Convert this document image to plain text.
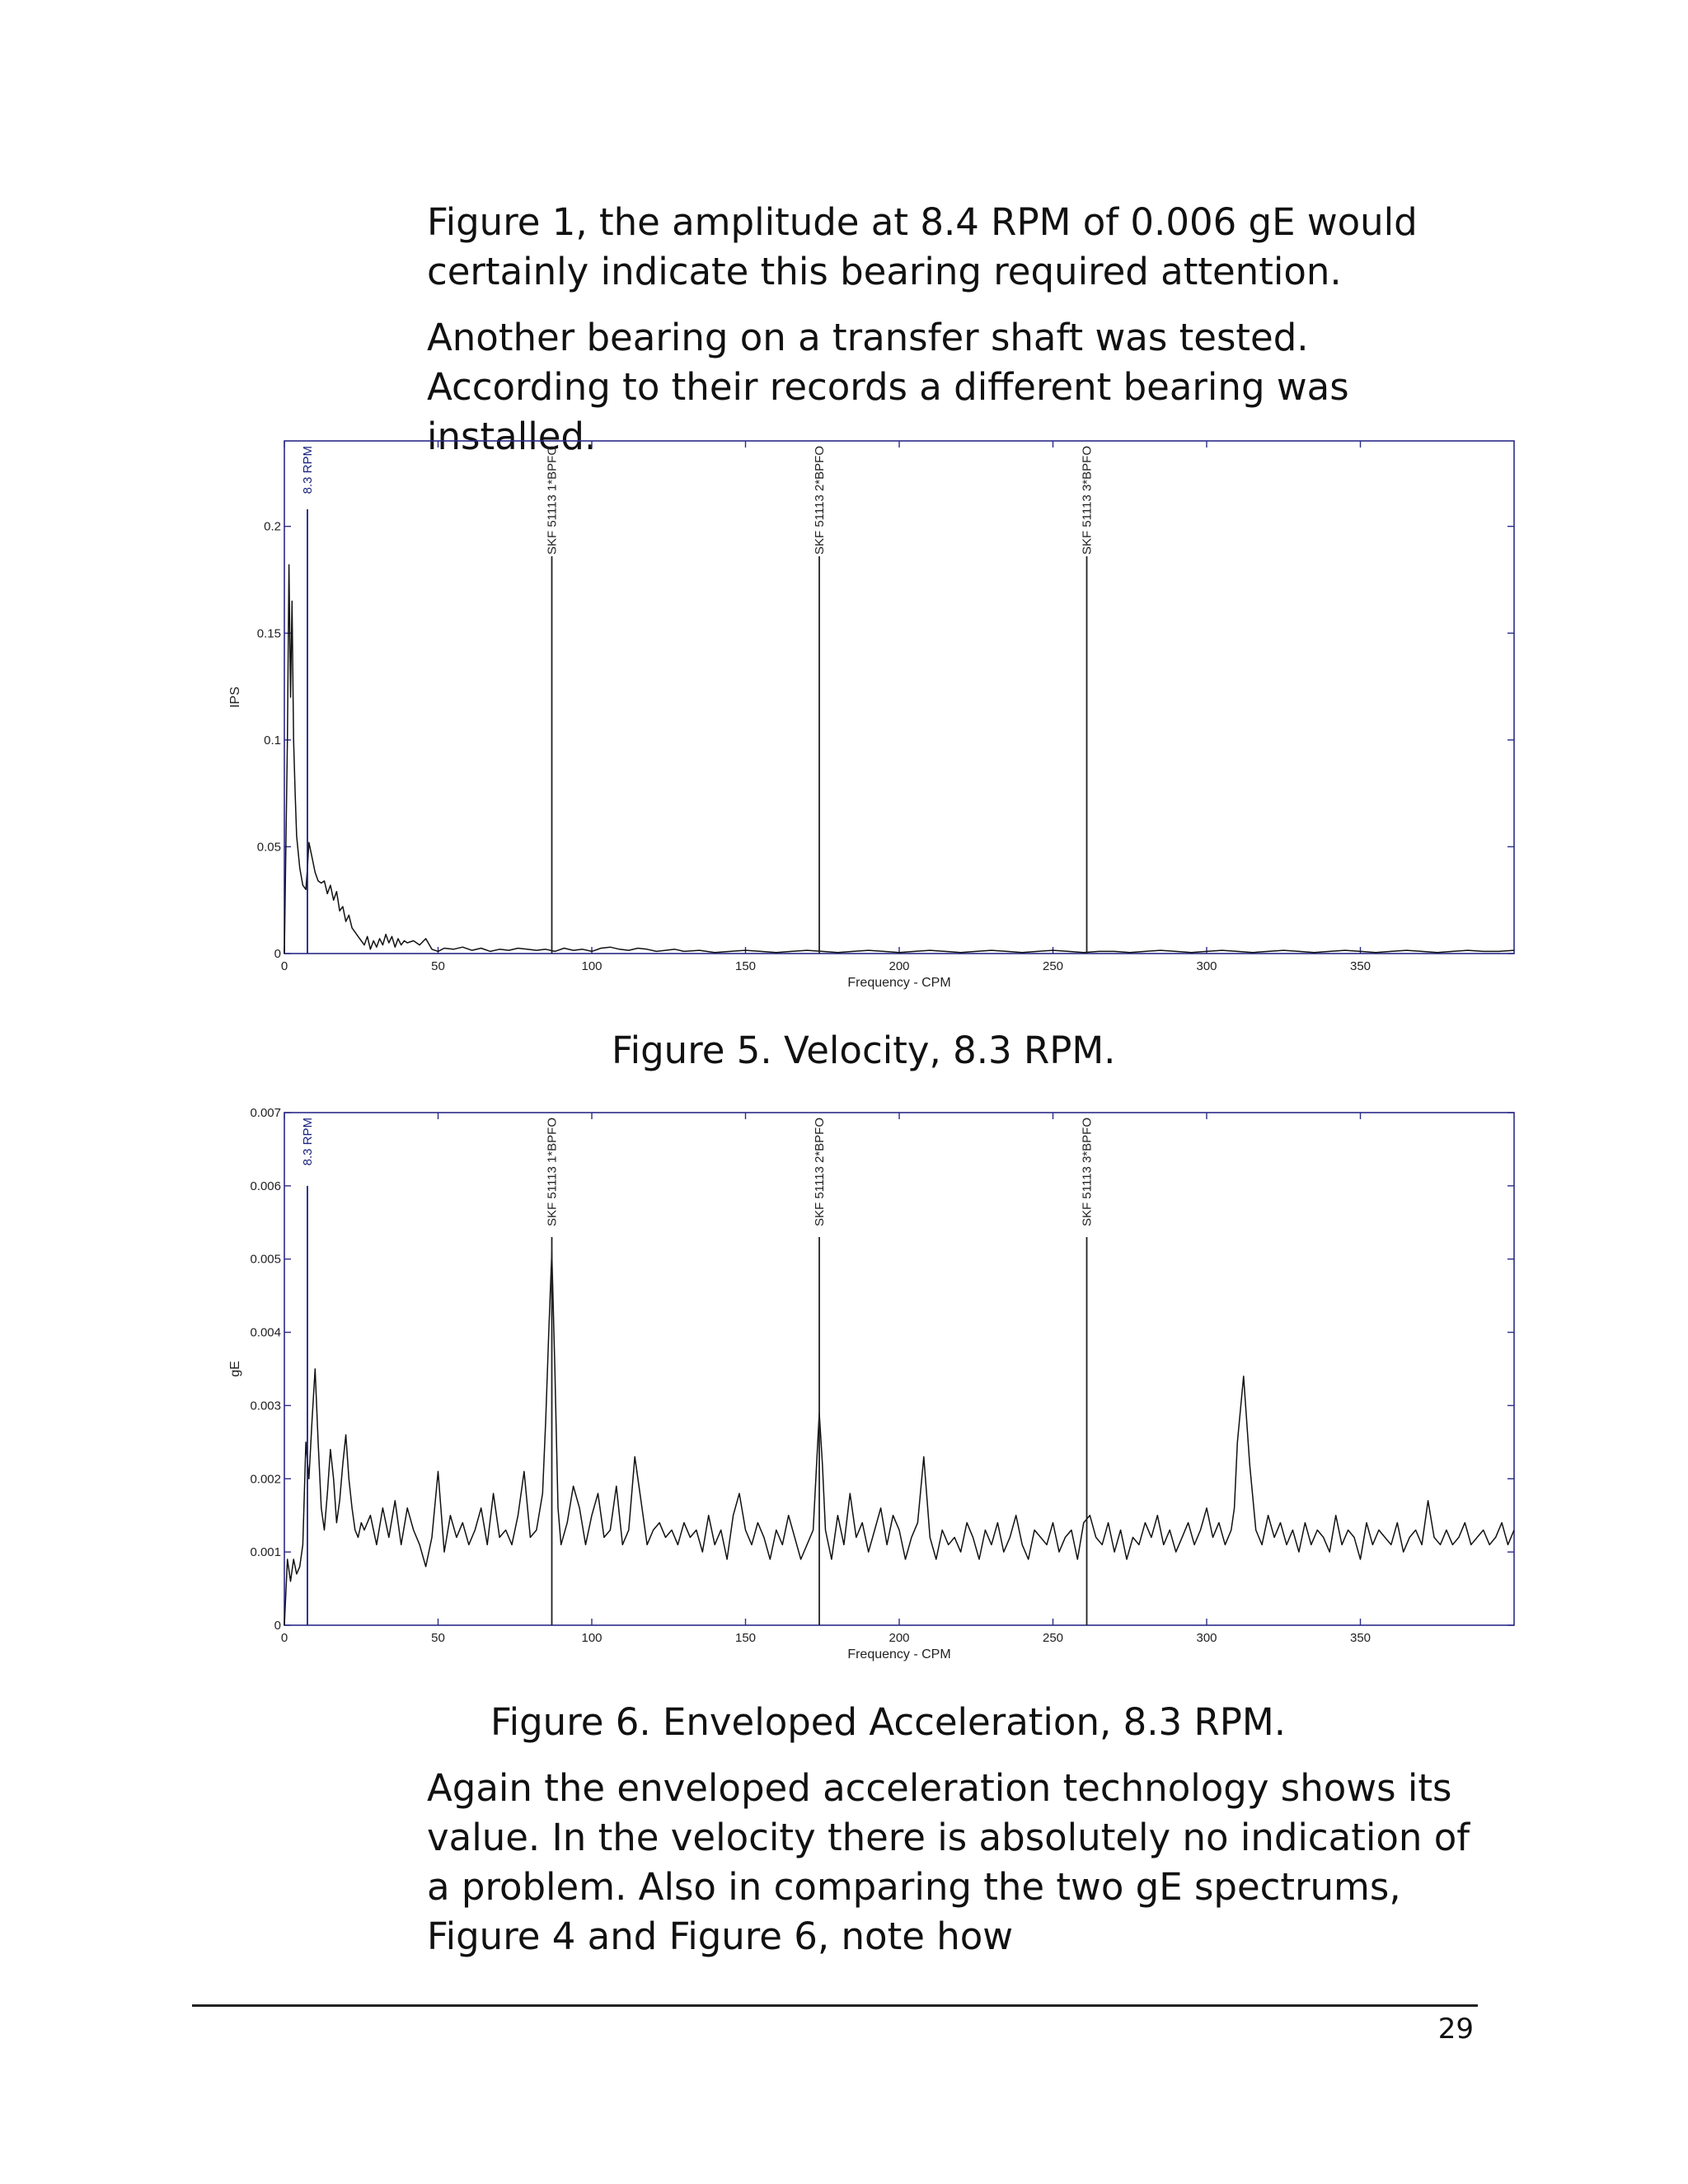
Figure 1, the amplitude at 8.4 RPM of 0.006 gE would certainly indicate this bearing required attention.

Another bearing on a transfer shaft was tested. According to their records a different bearing was installed.

0	50	100	150	200	250	300	350
0
0.05
0.1
0.15
0.2
Frequency - CPM
IPS
8.3 RPM	SKF 51113 1*BPFO	SKF 51113 2*BPFO	SKF 51113 3*BPFO

Figure 5. Velocity, 8.3 RPM.

0	50	100	150	200	250	300	350
0
0.001
0.002
0.003
0.004
0.005
0.006
0.007
Frequency - CPM
gE
8.3 RPM	SKF 51113 1*BPFO	SKF 51113 2*BPFO	SKF 51113 3*BPFO

Figure 6. Enveloped Acceleration, 8.3 RPM.

Again the enveloped acceleration technology shows its value. In the velocity there is absolutely no indication of a problem. Also in comparing the two gE spectrums, Figure 4 and Figure 6, note how

29
